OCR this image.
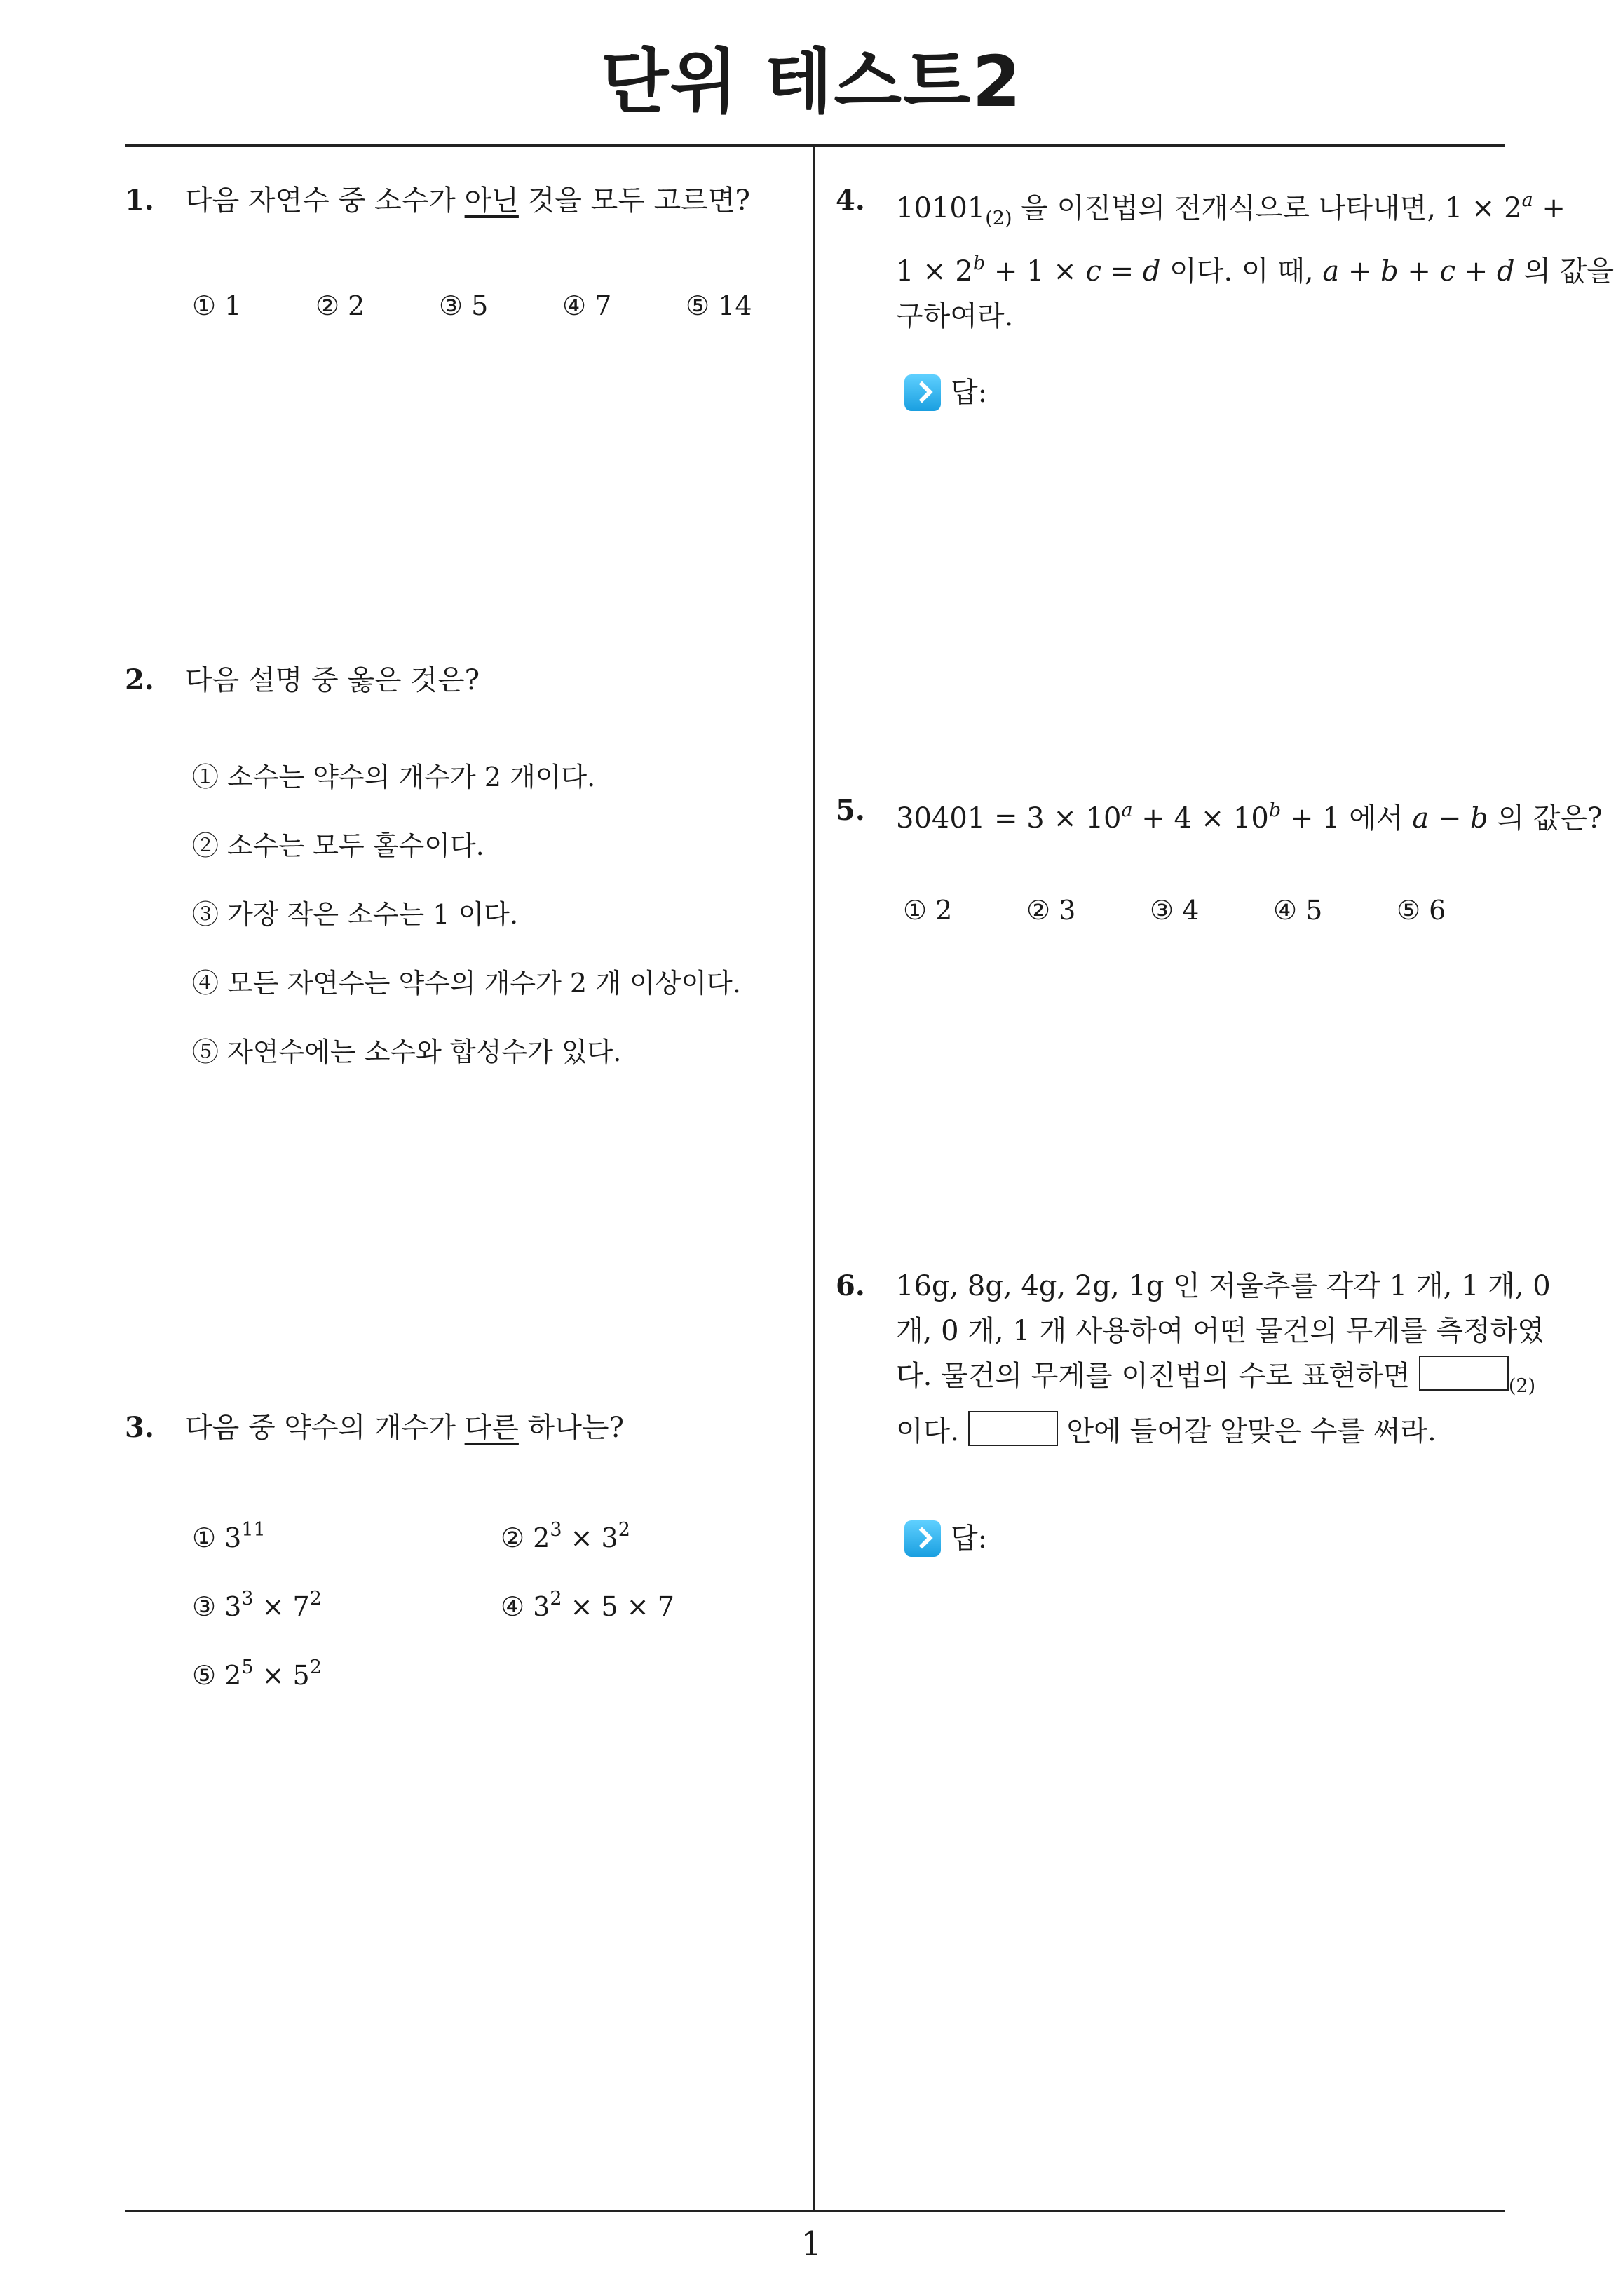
단위 테스트2
1. 다음 자연수 중 소수가 아닌 것을 모두 고르면?
① 1	② 2	③ 5	④ 7	⑤ 14
2. 다음 설명 중 옳은 것은?
① 소수는 약수의 개수가 2 개이다.
② 소수는 모두 홀수이다.
③ 가장 작은 소수는 1 이다.
④ 모든 자연수는 약수의 개수가 2 개 이상이다.
⑤ 자연수에는 소수와 합성수가 있다.
3. 다음 중 약수의 개수가 다른 하나는?
① $3^{11}$	② $2^3 \times 3^2$
③ $3^3 \times 7^2$	④ $3^2 \times 5 \times 7$
⑤ $2^5 \times 5^2$
4. $10101_{(2)}$ 을 이진법의 전개식으로 나타내면, $1 \times 2^a$ +
$1 \times 2^b + 1 \times c = d$ 이다. 이 때, a + b + c + d 의 값을
구하여라.
답:
5. $30401 = 3 \times 10^a + 4 \times 10^b + 1$ 에서 a − b 의 값은?
① 2	② 3	③ 4	④ 5	⑤ 6
6. 16g, 8g, 4g, 2g, 1g 인 저울추를 각각 1 개, 1 개, 0
개, 0 개, 1 개 사용하여 어떤 물건의 무게를 측정하였
다. 물건의 무게를 이진법의 수로 표현하면	$_{(2)}$
이다.	안에 들어갈 알맞은 수를 써라.
답:
1
